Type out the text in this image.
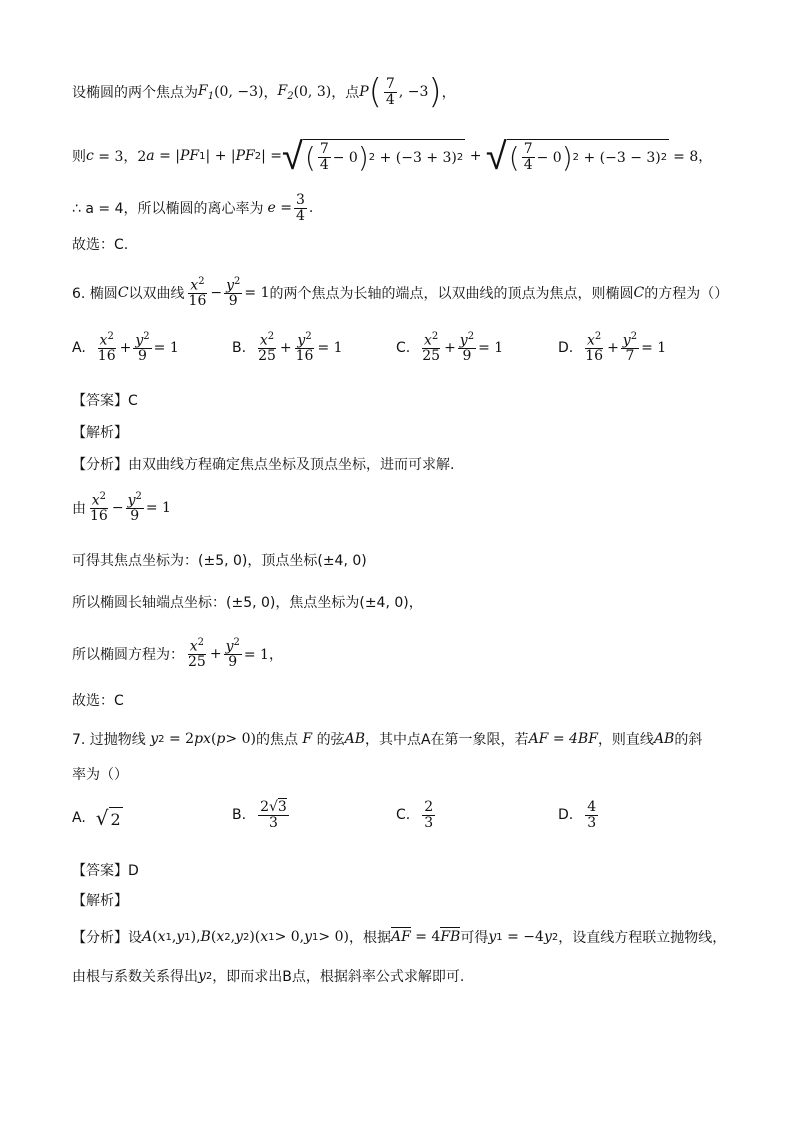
设椭圆的两个焦点为 $F_1$ (0, −3) ， $F_2$ (0, 3) ，点 P ( $\frac{7}{4}$ , −3 ) ，
则 c = 3，2 a = | PF 1 | + | PF 2 | = √ ( $\frac{7}{4} - 0$ ) 2 + (−3 + 3) 2 + √ ( $\frac{7}{4} - 0$ ) 2 + (−3 − 3) 2 = 8，
∴ a = 4，所以椭圆的离心率为 $e = \frac{3}{4}$ .
故选：C.
6. 椭圆 C 以双曲线 $\frac{x^2}{16} - \frac{y^2}{9} = 1$ 的两个焦点为长轴的端点，以双曲线的顶点为焦点，则椭圆 C 的方程为（）
A. $\frac{x^2}{16} + \frac{y^2}{9} = 1$	B. $\frac{x^2}{25} + \frac{y^2}{16} = 1$	C. $\frac{x^2}{25} + \frac{y^2}{9} = 1$	D. $\frac{x^2}{16} + \frac{y^2}{7} = 1$
【答案】C
【解析】
【分析】由双曲线方程确定焦点坐标及顶点坐标，进而可求解.
由 $\frac{x^2}{16} - \frac{y^2}{9} = 1$
可得其焦点坐标为：(±5, 0)，顶点坐标(±4, 0)
所以椭圆长轴端点坐标：(±5, 0)，焦点坐标为(±4, 0)，
所以椭圆方程为： $\frac{x^2}{25} + \frac{y^2}{9} = 1$，
故选：C
7. 过抛物线 y 2 = 2 px ( p > 0) 的焦点 F 的弦 AB ，其中点A在第一象限，若 AF = 4BF ，则直线 AB 的斜
率为（）
A. √ 2	B. $\frac{2√3}{3}$	C. $\frac{2}{3}$	D. $\frac{4}{3}$
【答案】D
【解析】
【分析】设 A ( x 1 , y 1 ), B ( x 2 , y 2 )( x 1 > 0, y 1 > 0) ，根据 AF = 4 FB 可得 y 1 = −4 y 2 ，设直线方程联立抛物线，
由根与系数关系得出 y 2 ，即而求出B点，根据斜率公式求解即可.
